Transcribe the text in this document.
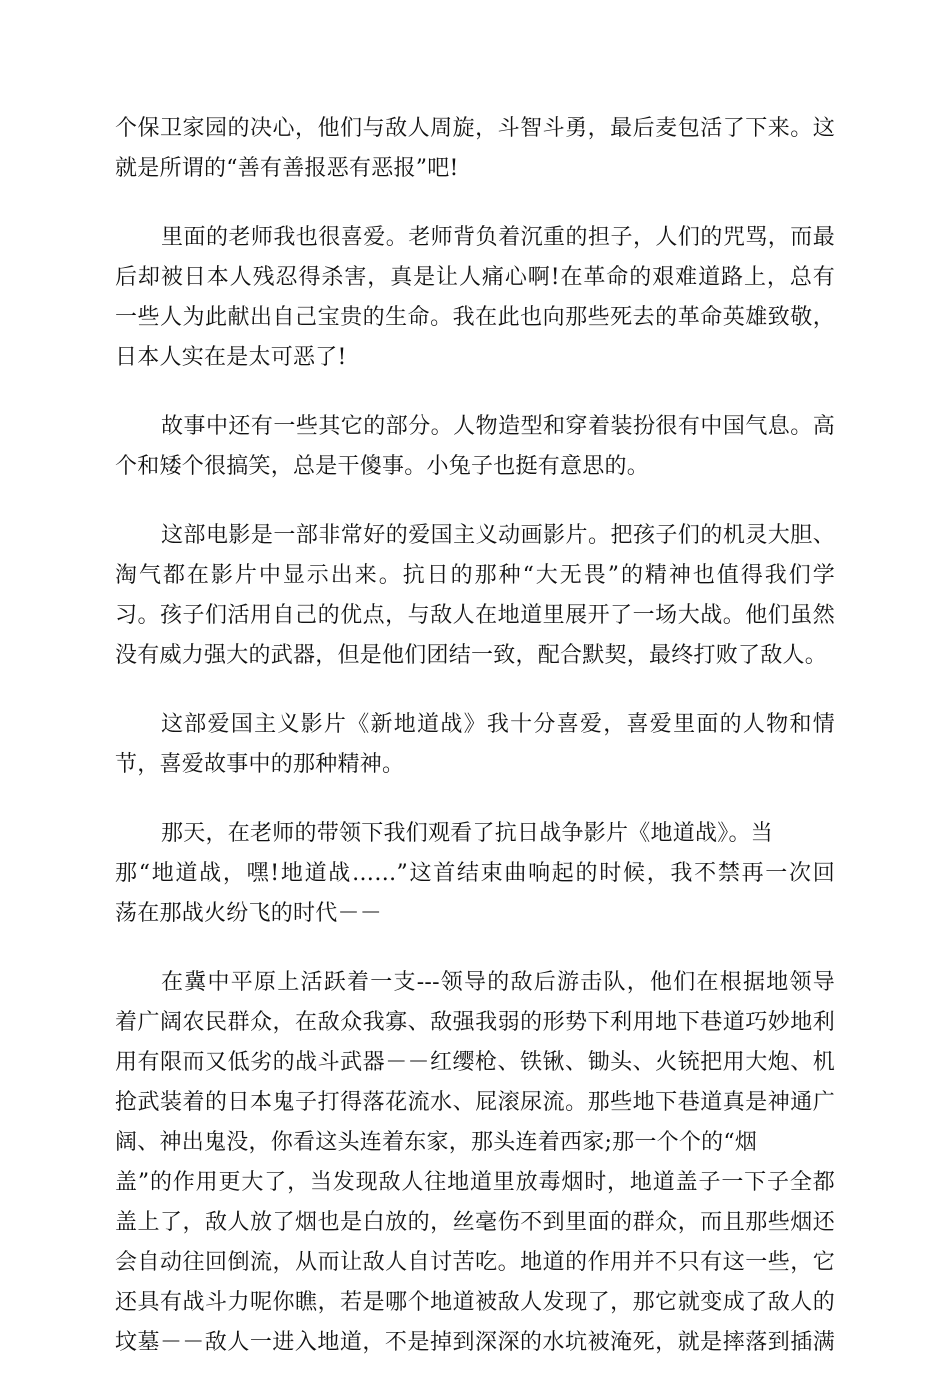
个保卫家园的决心，他们与敌人周旋，斗智斗勇，最后麦包活了下来。这
就是所谓的“善有善报恶有恶报”吧!

里面的老师我也很喜爱。老师背负着沉重的担子，人们的咒骂，而最
后却被日本人残忍得杀害，真是让人痛心啊!在革命的艰难道路上，总有
一些人为此献出自己宝贵的生命。我在此也向那些死去的革命英雄致敬，
日本人实在是太可恶了!

故事中还有一些其它的部分。人物造型和穿着装扮很有中国气息。高
个和矮个很搞笑，总是干傻事。小兔子也挺有意思的。

这部电影是一部非常好的爱国主义动画影片。把孩子们的机灵大胆、
淘气都在影片中显示出来。抗日的那种“大无畏”的精神也值得我们学
习。孩子们活用自己的优点，与敌人在地道里展开了一场大战。他们虽然
没有威力强大的武器，但是他们团结一致，配合默契，最终打败了敌人。

这部爱国主义影片《新地道战》我十分喜爱，喜爱里面的人物和情
节，喜爱故事中的那种精神。

那天，在老师的带领下我们观看了抗日战争影片《地道战》。当
那“地道战，嘿!地道战……”这首结束曲响起的时候，我不禁再一次回
荡在那战火纷飞的时代－－

在冀中平原上活跃着一支---领导的敌后游击队，他们在根据地领导
着广阔农民群众，在敌众我寡、敌强我弱的形势下利用地下巷道巧妙地利
用有限而又低劣的战斗武器－－红缨枪、铁锹、锄头、火铳把用大炮、机
抢武装着的日本鬼子打得落花流水、屁滚尿流。那些地下巷道真是神通广
阔、神出鬼没，你看这头连着东家，那头连着西家;那一个个的“烟
盖”的作用更大了，当发现敌人往地道里放毒烟时，地道盖子一下子全都
盖上了，敌人放了烟也是白放的，丝毫伤不到里面的群众，而且那些烟还
会自动往回倒流，从而让敌人自讨苦吃。地道的作用并不只有这一些，它
还具有战斗力呢你瞧，若是哪个地道被敌人发现了，那它就变成了敌人的
坟墓－－敌人一进入地道，不是掉到深深的水坑被淹死，就是摔落到插满
